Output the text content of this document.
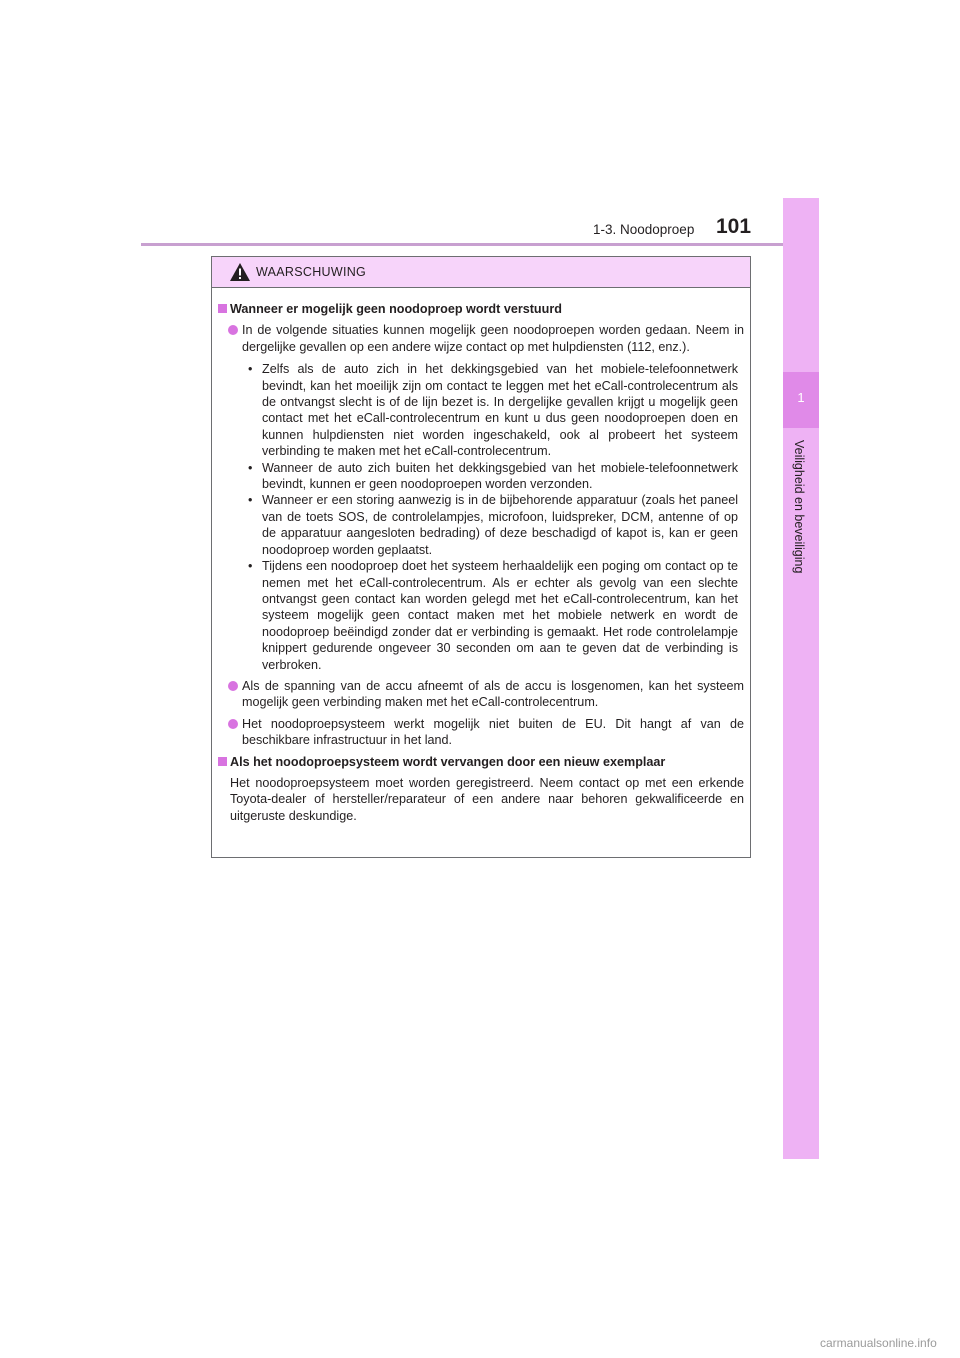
1-3. Noodoproep 101
1
Veiligheid en beveiliging
WAARSCHUWING
Wanneer er mogelijk geen noodoproep wordt verstuurd
In de volgende situaties kunnen mogelijk geen noodoproepen worden gedaan. Neem in dergelijke gevallen op een andere wijze contact op met hulpdiensten (112, enz.).
• Zelfs als de auto zich in het dekkingsgebied van het mobiele-telefoonnetwerk bevindt, kan het moeilijk zijn om contact te leggen met het eCall-controlecentrum als de ontvangst slecht is of de lijn bezet is. In dergelijke gevallen krijgt u mogelijk geen contact met het eCall-controlecentrum en kunt u dus geen noodoproepen doen en kunnen hulpdiensten niet worden ingeschakeld, ook al probeert het systeem verbinding te maken met het eCall-controlecentrum.
• Wanneer de auto zich buiten het dekkingsgebied van het mobiele-telefoonnetwerk bevindt, kunnen er geen noodoproepen worden verzonden.
• Wanneer er een storing aanwezig is in de bijbehorende apparatuur (zoals het paneel van de toets SOS, de controlelampjes, microfoon, luidspreker, DCM, antenne of op de apparatuur aangesloten bedrading) of deze beschadigd of kapot is, kan er geen noodoproep worden geplaatst.
• Tijdens een noodoproep doet het systeem herhaaldelijk een poging om contact op te nemen met het eCall-controlecentrum. Als er echter als gevolg van een slechte ontvangst geen contact kan worden gelegd met het eCall-controlecentrum, kan het systeem mogelijk geen contact maken met het mobiele netwerk en wordt de noodoproep beëindigd zonder dat er verbinding is gemaakt. Het rode controlelampje knippert gedurende ongeveer 30 seconden om aan te geven dat de verbinding is verbroken.
Als de spanning van de accu afneemt of als de accu is losgenomen, kan het systeem mogelijk geen verbinding maken met het eCall-controlecentrum.
Het noodoproepsysteem werkt mogelijk niet buiten de EU. Dit hangt af van de beschikbare infrastructuur in het land.
Als het noodoproepsysteem wordt vervangen door een nieuw exemplaar
Het noodoproepsysteem moet worden geregistreerd. Neem contact op met een erkende Toyota-dealer of hersteller/reparateur of een andere naar behoren gekwalificeerde en uitgeruste deskundige.
carmanualsonline.info
